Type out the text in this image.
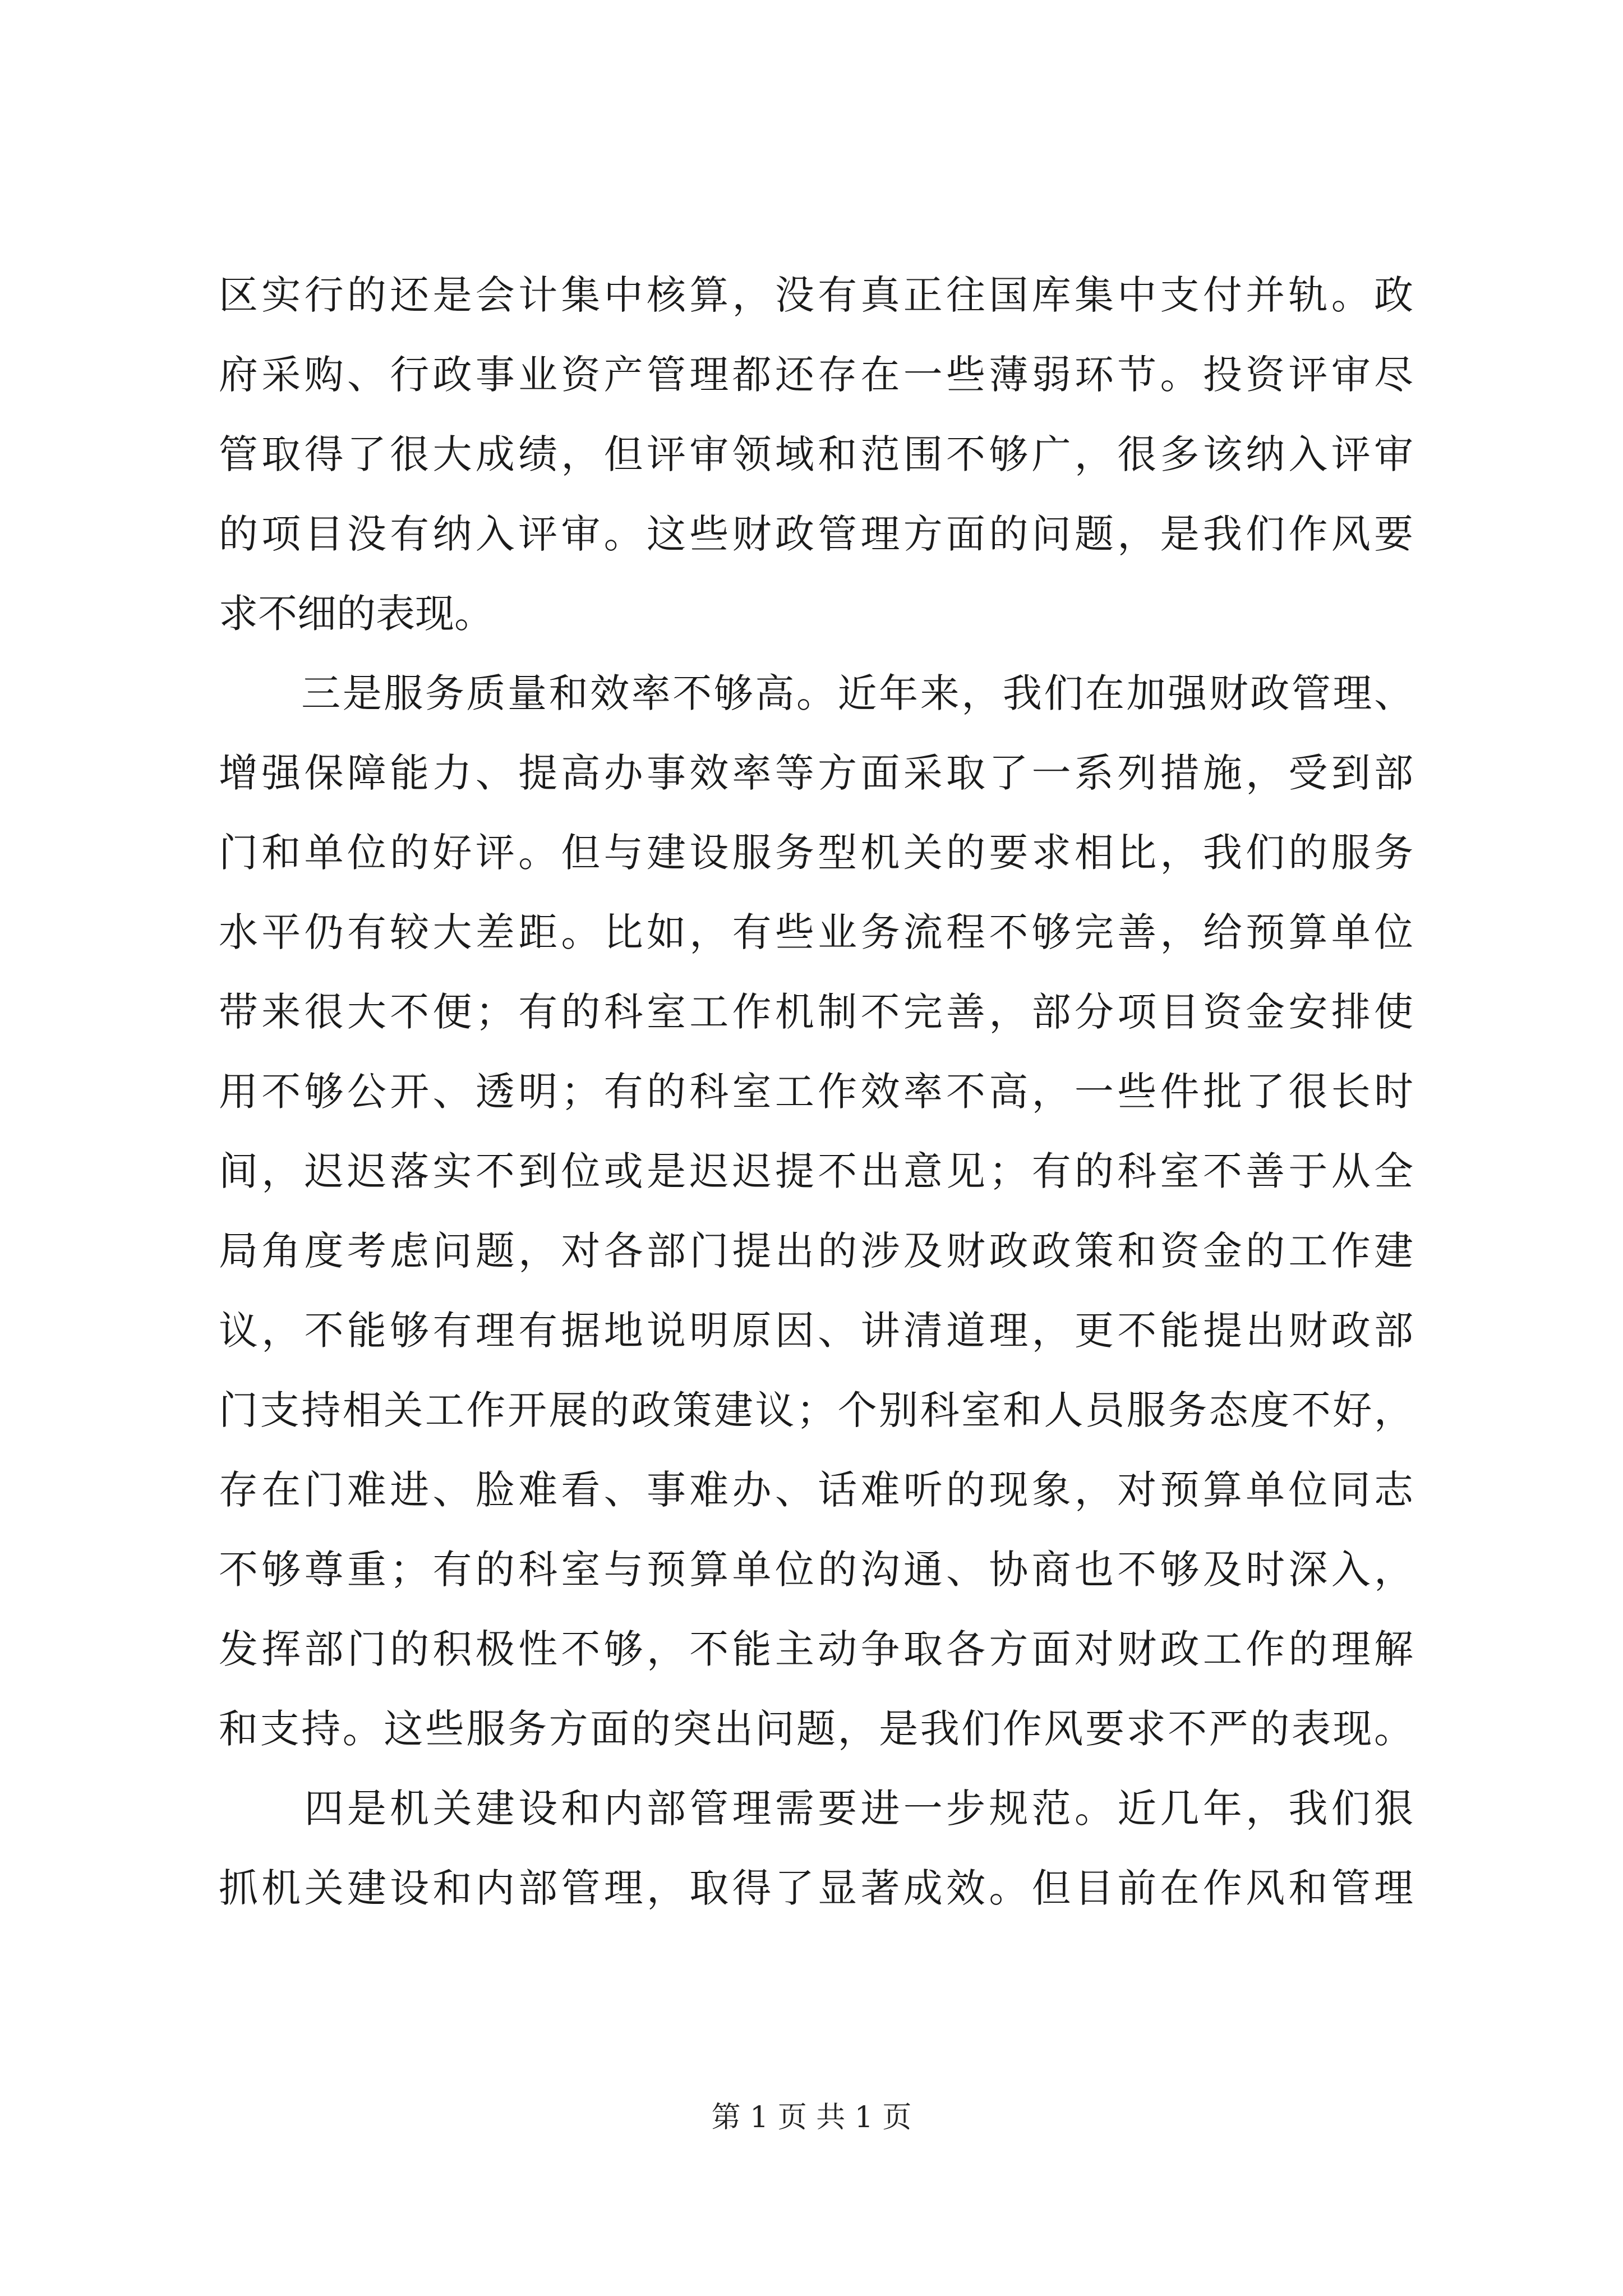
区实行的还是会计集中核算，没有真正往国库集中支付并轨。政
府采购、行政事业资产管理都还存在一些薄弱环节。投资评审尽
管取得了很大成绩，但评审领域和范围不够广，很多该纳入评审
的项目没有纳入评审。这些财政管理方面的问题，是我们作风要
求不细的表现。
　　三是服务质量和效率不够高。近年来，我们在加强财政管理、
增强保障能力、提高办事效率等方面采取了一系列措施，受到部
门和单位的好评。但与建设服务型机关的要求相比，我们的服务
水平仍有较大差距。比如，有些业务流程不够完善，给预算单位
带来很大不便；有的科室工作机制不完善，部分项目资金安排使
用不够公开、透明；有的科室工作效率不高，一些件批了很长时
间，迟迟落实不到位或是迟迟提不出意见；有的科室不善于从全
局角度考虑问题，对各部门提出的涉及财政政策和资金的工作建
议，不能够有理有据地说明原因、讲清道理，更不能提出财政部
门支持相关工作开展的政策建议；个别科室和人员服务态度不好，
存在门难进、脸难看、事难办、话难听的现象，对预算单位同志
不够尊重；有的科室与预算单位的沟通、协商也不够及时深入，
发挥部门的积极性不够，不能主动争取各方面对财政工作的理解
和支持。这些服务方面的突出问题，是我们作风要求不严的表现。
　　四是机关建设和内部管理需要进一步规范。近几年，我们狠
抓机关建设和内部管理，取得了显著成效。但目前在作风和管理
第 1 页 共 1 页
